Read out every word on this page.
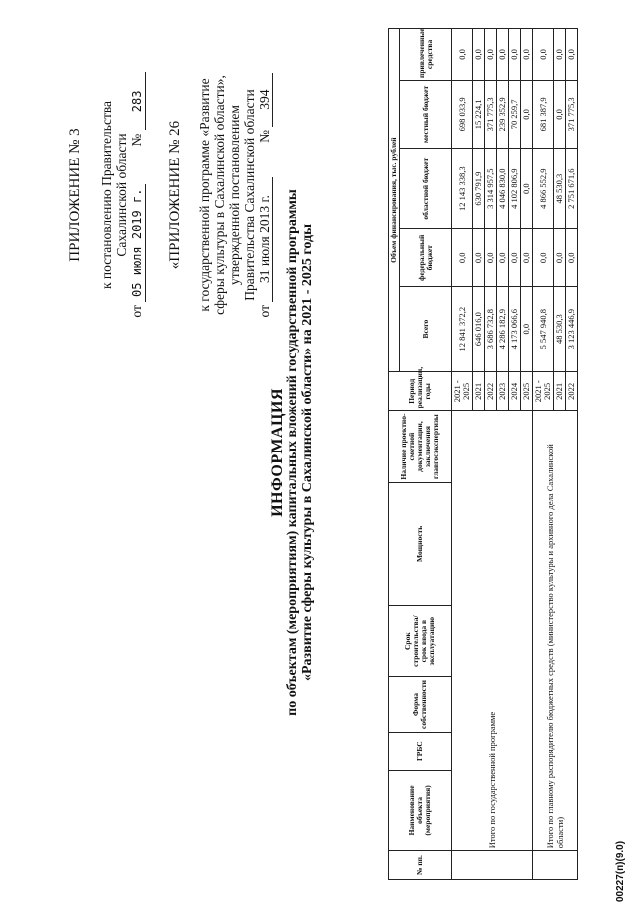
ПРИЛОЖЕНИЕ № 3 к постановлению Правительства Сахалинской области
от 05 июля 2019 г.           № 283
«ПРИЛОЖЕНИЕ № 26 к государственной программе «Развитие сферы культуры в Сахалинской области», утвержденной постановлением Правительства Сахалинской области
от 31 июля 2013 г.          № 394
ИНФОРМАЦИЯ по объектам (мероприятиям) капитальных вложений государственной программы «Развитие сферы культуры в Сахалинской области» на 2021 - 2025 годы
№ пп.	Наименование объекта (мероприятия)	ГРБС	Форма собственности	Срок строительства/срок ввода в эксплуатацию	Мощность	Наличие проектно-сметной документации, заключения главгосэкспертизы	Период реализации, годы	Объем финансирования, тыс. рублей				
								Всего	федеральный бюджет	областной бюджет	местный бюджет	привлеченные средства
	Итого по государственной программе						2021 - 2025	12 841 372,2	0,0	12 143 338,3	698 033,9	0,0
							2021	646 016,0	0,0	630 791,9	15 224,1	0,0
							2022	3 686 732,8	0,0	3 314 957,5	371 775,3	0,0
							2023	4 286 182,9	0,0	4 046 830,0	239 352,9	0,0
							2024	4 173 066,6	0,0	4 102 806,9	70 259,7	0,0
							2025	0,0	0,0	0,0	0,0	0,0
	Итого по главному распорядителю бюджетных средств (министерство культуры и архивного дела Сахалинской области)						2021 - 2025	5 547 940,8	0,0	4 866 552,9	681 387,9	0,0
							2021	48 530,3	0,0	48 530,3	0,0	0,0
							2022	3 123 446,9	0,0	2 751 671,6	371 775,3	0,0
00227(п)(9.0)
